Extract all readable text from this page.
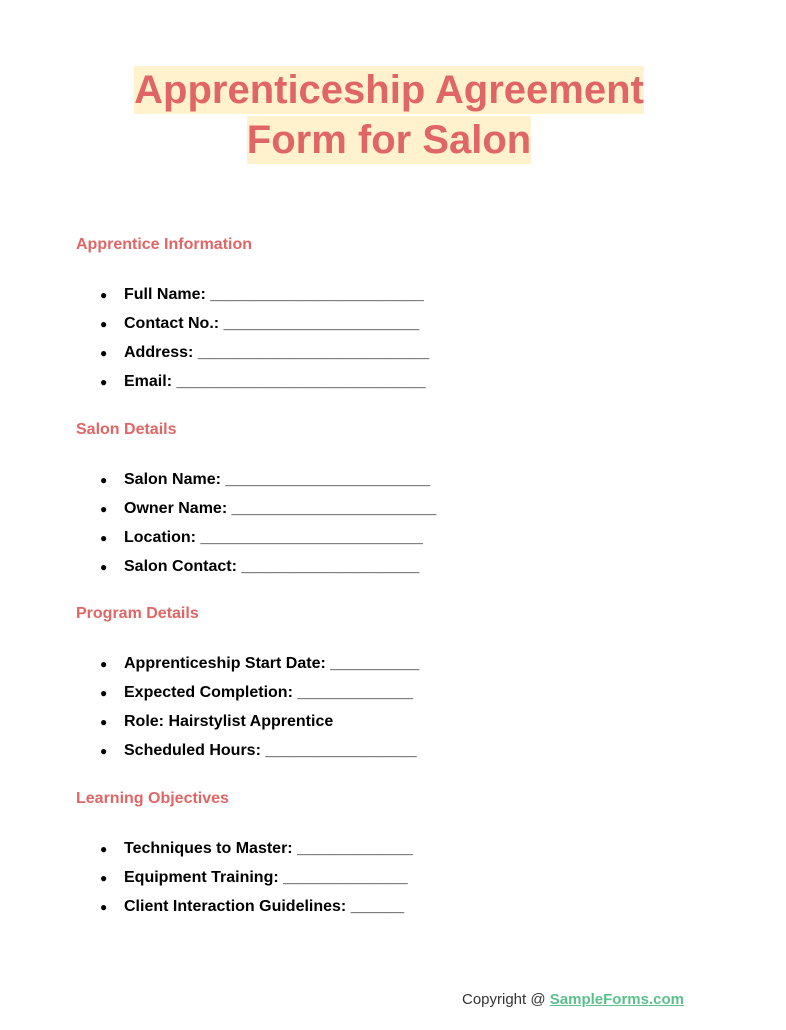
Apprenticeship Agreement
Form for Salon
Apprentice Information
● Full Name: ________________________
● Contact No.: ______________________
● Address: __________________________
● Email: ____________________________
Salon Details
● Salon Name: _______________________
● Owner Name: _______________________
● Location: _________________________
● Salon Contact: ____________________
Program Details
● Apprenticeship Start Date: __________
● Expected Completion: _____________
● Role: Hairstylist Apprentice
● Scheduled Hours: _________________
Learning Objectives
● Techniques to Master: _____________
● Equipment Training: ______________
● Client Interaction Guidelines: ______
Copyright @ SampleForms.com
